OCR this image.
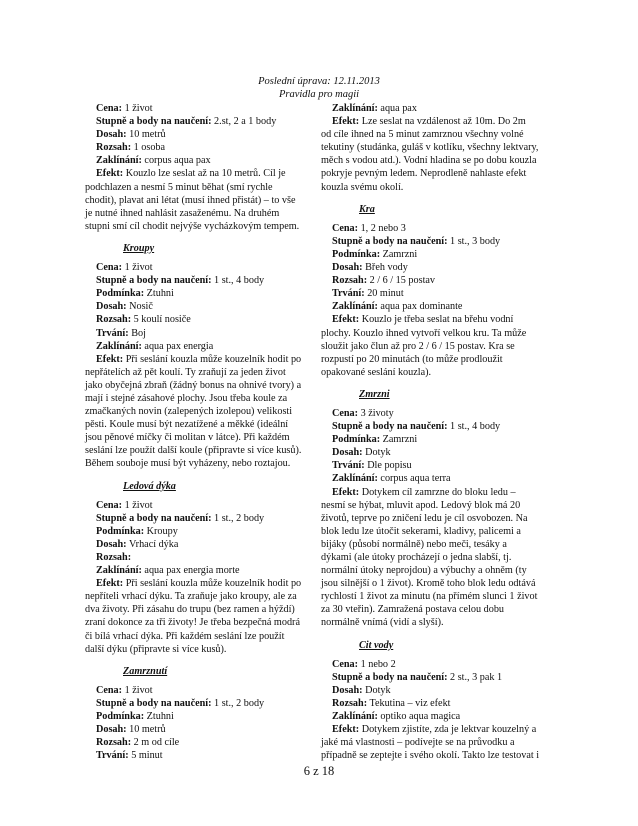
Poslední úprava: 12.11.2013
Pravidla pro magii
Cena: 1 život
Stupně a body na naučení: 2.st, 2 a 1 body
Dosah: 10 metrů
Rozsah: 1 osoba
Zaklínání: corpus aqua pax
Efekt: Kouzlo lze seslat až na 10 metrů. Cíl je
podchlazen a nesmí 5 minut běhat (smí rychle
chodit), plavat ani létat (musí ihned přistát) – to vše
je nutné ihned nahlásit zasaženému. Na druhém
stupni smí cíl chodit nejvýše vycházkovým tempem.
Kroupy
Cena: 1 život
Stupně a body na naučení: 1 st., 4 body
Podmínka: Ztuhni
Dosah: Nosič
Rozsah: 5 koulí nosiče
Trvání: Boj
Zaklínání: aqua pax energia
Efekt: Při seslání kouzla může kouzelník hodit po
nepřátelích až pět koulí. Ty zraňují za jeden život
jako obyčejná zbraň (žádný bonus na ohnivé tvory) a
mají i stejné zásahové plochy. Jsou třeba koule za
zmačkaných novin (zalepených izolepou) velikosti
pěsti. Koule musí být nezatížené a měkké (ideální
jsou pěnové míčky či molitan v látce). Při každém
seslání lze použít další koule (připravte si více kusů).
Během souboje musí být vyházeny, nebo roztajou.
Ledová dýka
Cena: 1 život
Stupně a body na naučení: 1 st., 2 body
Podmínka: Kroupy
Dosah: Vrhací dýka
Rozsah:
Zaklínání: aqua pax energia morte
Efekt: Při seslání kouzla může kouzelník hodit po
nepříteli vrhací dýku. Ta zraňuje jako kroupy, ale za
dva životy. Při zásahu do trupu (bez ramen a hýždí)
zraní dokonce za tři životy! Je třeba bezpečná modrá
či bílá vrhací dýka. Při každém seslání lze použít
další dýku (připravte si více kusů).
Zamrznutí
Cena: 1 život
Stupně a body na naučení: 1 st., 2 body
Podmínka: Ztuhni
Dosah: 10 metrů
Rozsah: 2 m od cíle
Trvání: 5 minut
Zaklínání: aqua pax
Efekt: Lze seslat na vzdálenost až 10m. Do 2m
od cíle ihned na 5 minut zamrznou všechny volné
tekutiny (studánka, guláš v kotlíku, všechny lektvary,
měch s vodou atd.). Vodní hladina se po dobu kouzla
pokryje pevným ledem. Neprodleně nahlaste efekt
kouzla svému okolí.
Kra
Cena: 1, 2 nebo 3
Stupně a body na naučení: 1 st., 3 body
Podmínka: Zamrzni
Dosah: Břeh vody
Rozsah: 2 / 6 / 15 postav
Trvání: 20 minut
Zaklínání: aqua pax dominante
Efekt: Kouzlo je třeba seslat na břehu vodní
plochy. Kouzlo ihned vytvoří velkou kru. Ta může
sloužit jako člun až pro 2 / 6 / 15 postav. Kra se
rozpustí po 20 minutách (to může prodloužit
opakované seslání kouzla).
Zmrzni
Cena: 3 životy
Stupně a body na naučení: 1 st., 4 body
Podmínka: Zamrzni
Dosah: Dotyk
Trvání: Dle popisu
Zaklínání: corpus aqua terra
Efekt: Dotykem cíl zamrzne do bloku ledu –
nesmí se hýbat, mluvit apod. Ledový blok má 20
životů, teprve po zničení ledu je cíl osvobozen. Na
blok ledu lze útočit sekerami, kladivy, palicemi a
bijáky (působí normálně) nebo meči, tesáky a
dýkami (ale útoky procházejí o jedna slabší, tj.
normální útoky neprojdou) a výbuchy a ohněm (ty
jsou silnější o 1 život). Kromě toho blok ledu odtává
rychlostí 1 život za minutu (na přímém slunci 1 život
za 30 vteřin). Zamražená postava celou dobu
normálně vnímá (vidí a slyší).
Cit vody
Cena: 1 nebo 2
Stupně a body na naučení: 2 st., 3 pak 1
Dosah: Dotyk
Rozsah: Tekutina – viz efekt
Zaklínání: optiko aqua magica
Efekt: Dotykem zjistíte, zda je lektvar kouzelný a
jaké má vlastnosti – podívejte se na průvodku a
případně se zeptejte i svého okolí. Takto lze testovat i
6 z 18
